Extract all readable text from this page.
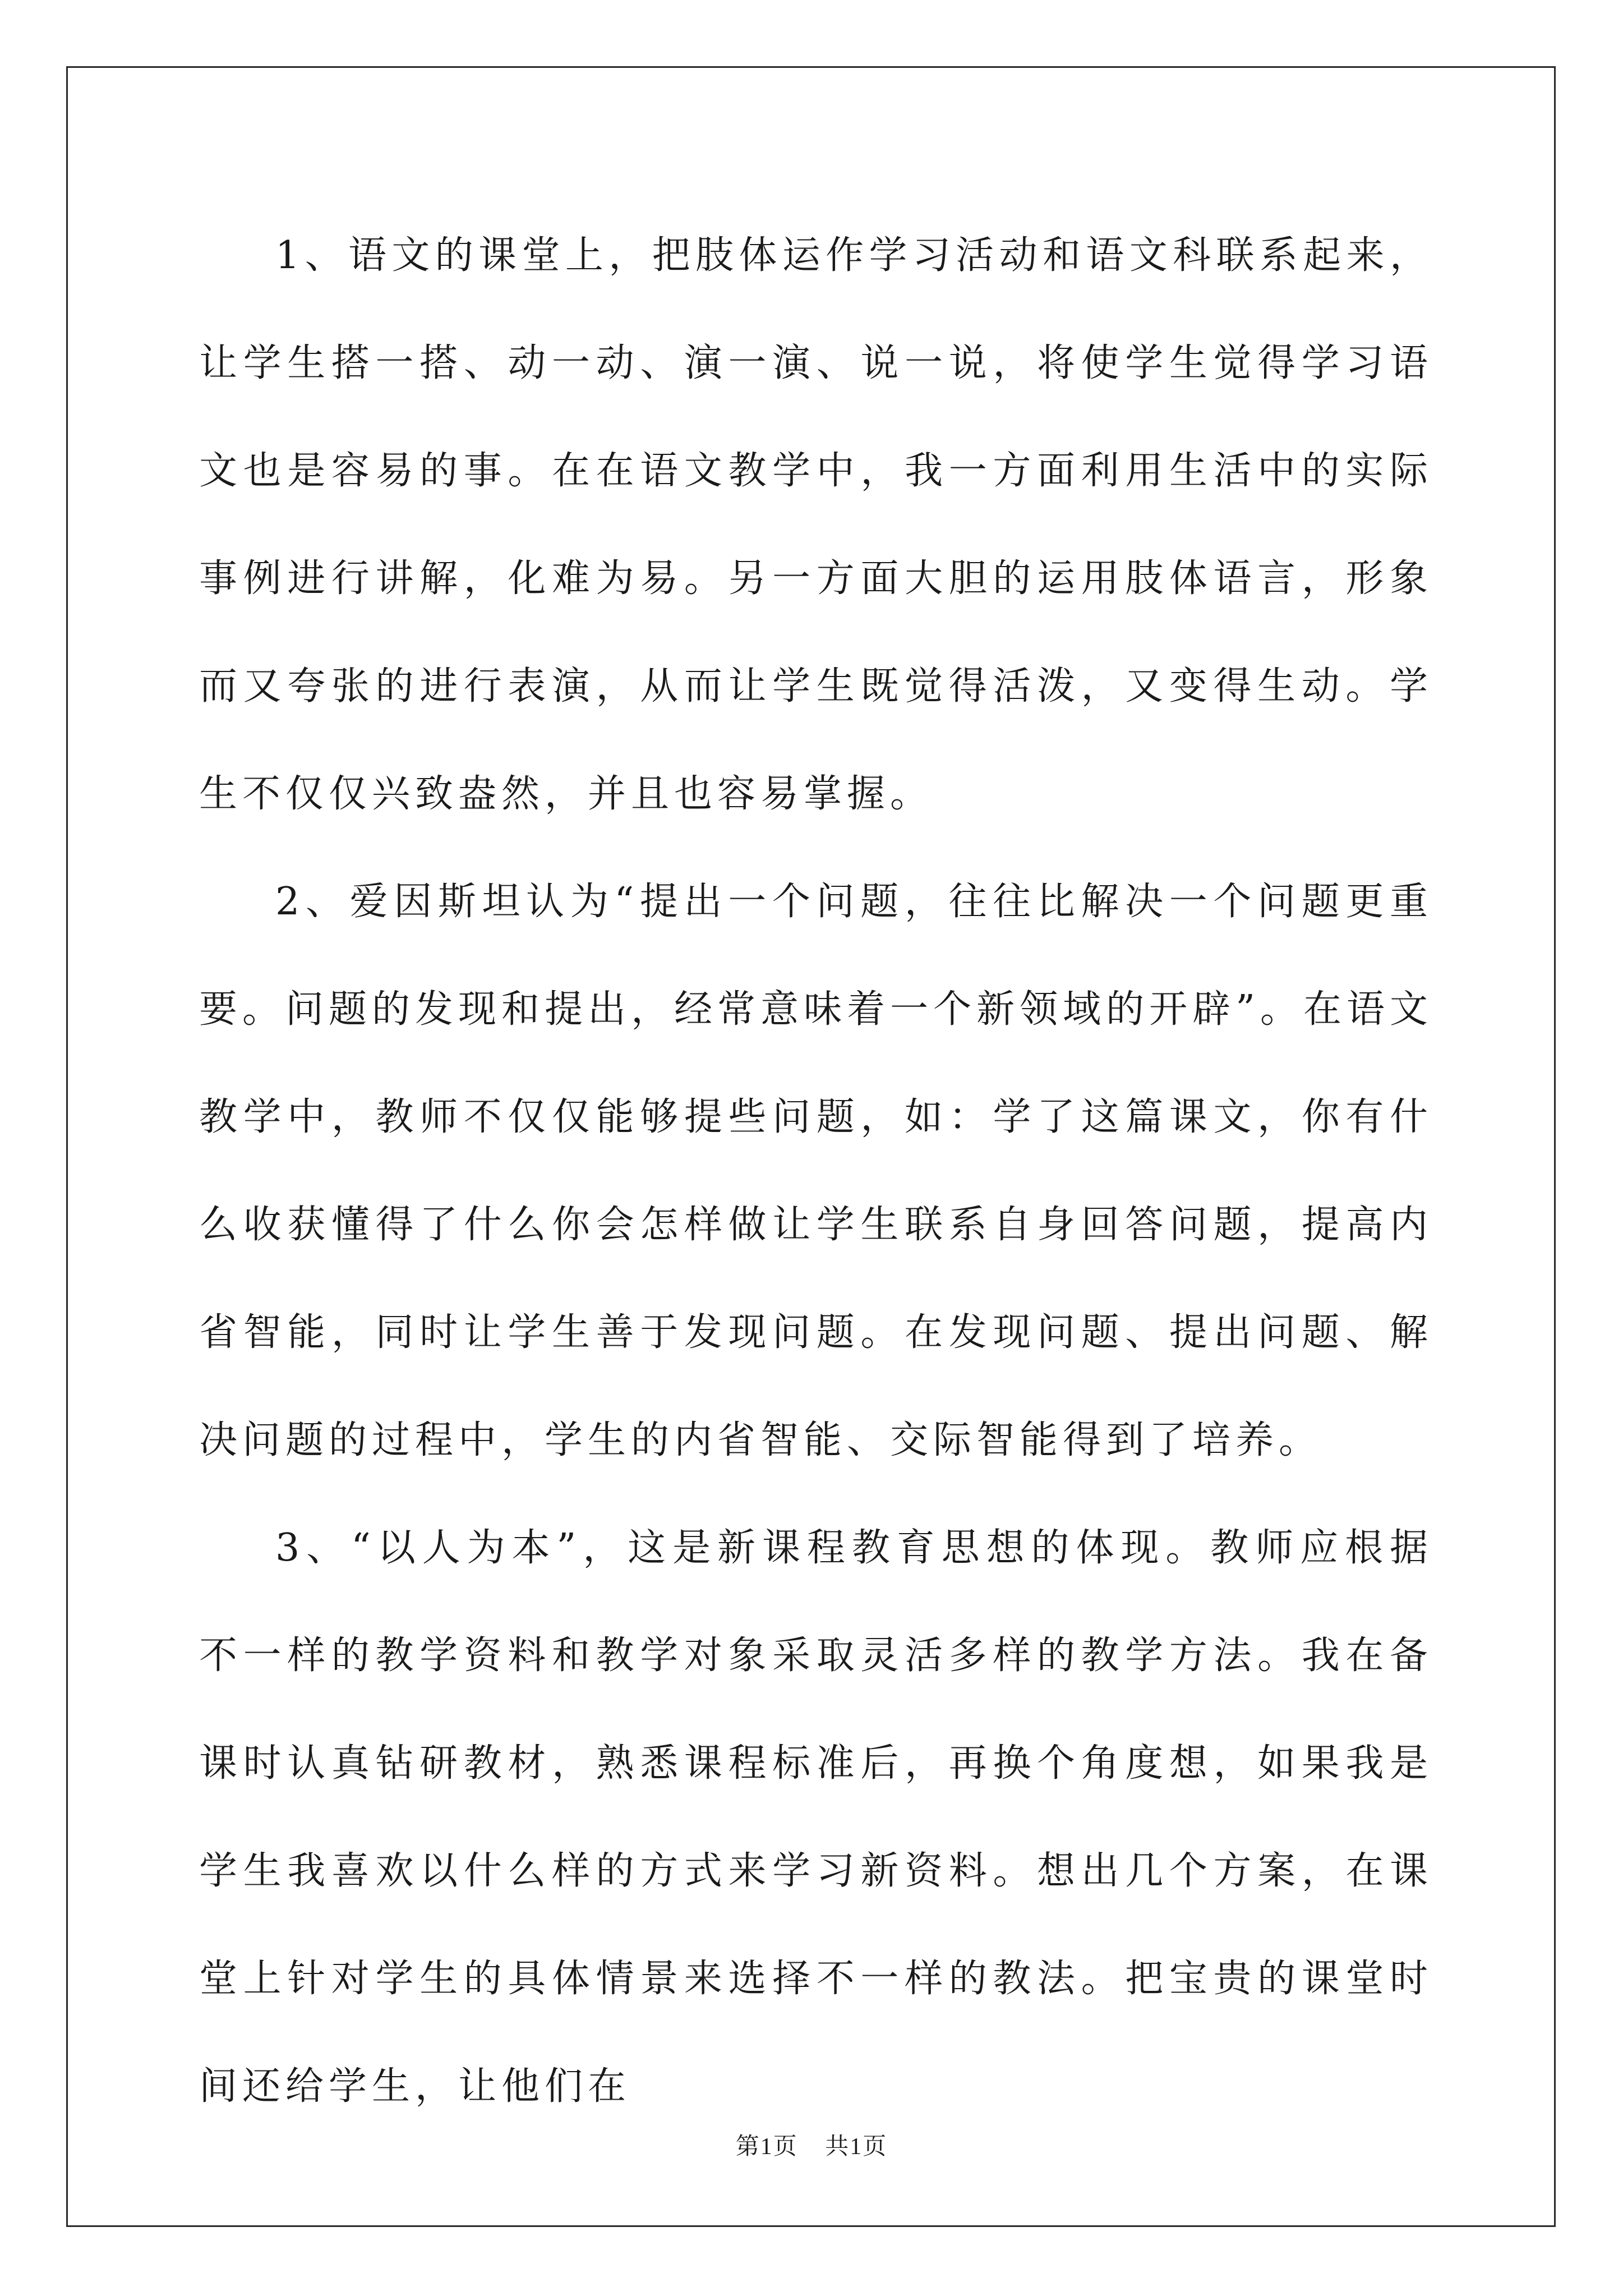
1、语文的课堂上，把肢体运作学习活动和语文科联系起来，让学生搭一搭、动一动、演一演、说一说，将使学生觉得学习语文也是容易的事。在在语文教学中，我一方面利用生活中的实际事例进行讲解，化难为易。另一方面大胆的运用肢体语言，形象而又夸张的进行表演，从而让学生既觉得活泼，又变得生动。学生不仅仅兴致盎然，并且也容易掌握。

2、爱因斯坦认为“提出一个问题，往往比解决一个问题更重要。问题的发现和提出，经常意味着一个新领域的开辟”。在语文教学中，教师不仅仅能够提些问题，如：学了这篇课文，你有什么收获懂得了什么你会怎样做让学生联系自身回答问题，提高内省智能，同时让学生善于发现问题。在发现问题、提出问题、解决问题的过程中，学生的内省智能、交际智能得到了培养。

3、“以人为本”，这是新课程教育思想的体现。教师应根据不一样的教学资料和教学对象采取灵活多样的教学方法。我在备课时认真钻研教材，熟悉课程标准后，再换个角度想，如果我是学生我喜欢以什么样的方式来学习新资料。想出几个方案，在课堂上针对学生的具体情景来选择不一样的教法。把宝贵的课堂时间还给学生，让他们在

第1页 共1页
